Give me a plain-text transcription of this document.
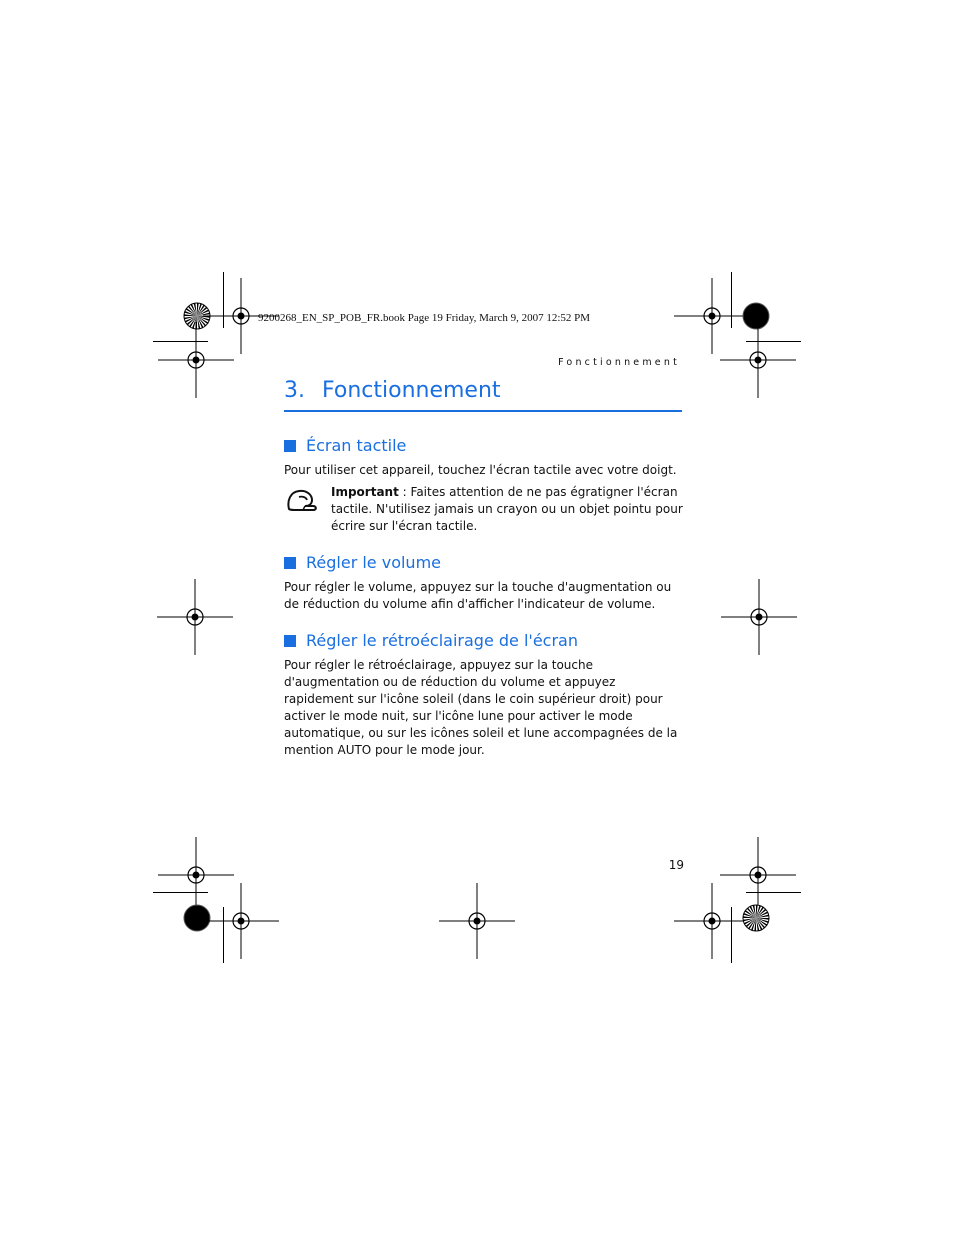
9200268_EN_SP_POB_FR.book Page 19 Friday, March 9, 2007 12:52 PM
Fonctionnement
3. Fonctionnement
Écran tactile
Pour utiliser cet appareil, touchez l'écran tactile avec votre doigt.
Important : Faites attention de ne pas égratigner l'écran tactile. N'utilisez jamais un crayon ou un objet pointu pour écrire sur l'écran tactile.
Régler le volume
Pour régler le volume, appuyez sur la touche d'augmentation ou de réduction du volume afin d'afficher l'indicateur de volume.
Régler le rétroéclairage de l'écran
Pour régler le rétroéclairage, appuyez sur la touche d'augmentation ou de réduction du volume et appuyez rapidement sur l'icône soleil (dans le coin supérieur droit) pour activer le mode nuit, sur l'icône lune pour activer le mode automatique, ou sur les icônes soleil et lune accompagnées de la mention AUTO pour le mode jour.
19
